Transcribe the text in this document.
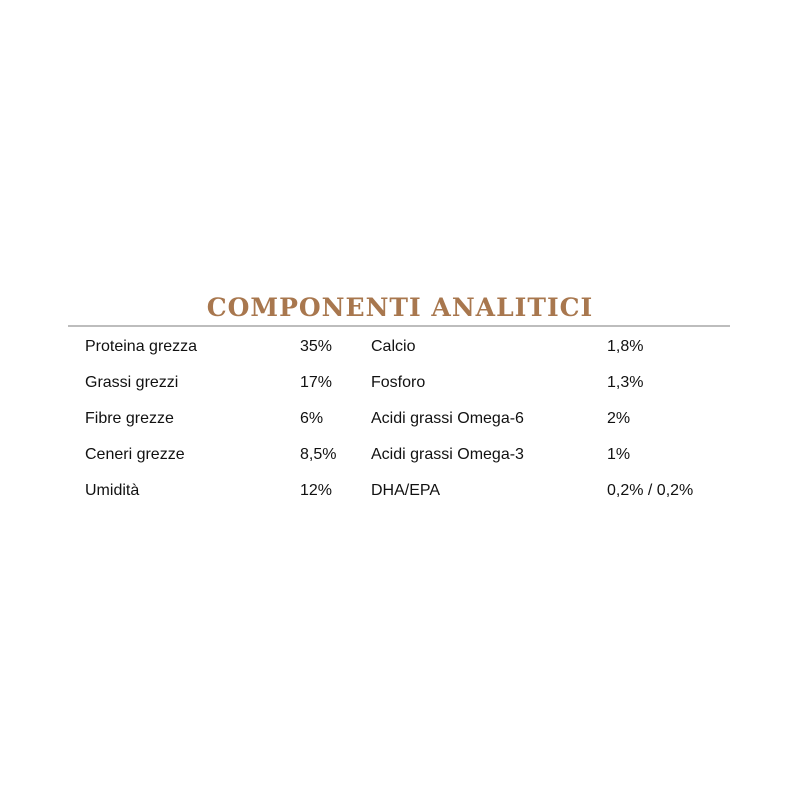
COMPONENTI ANALITICI
Proteina grezza	35% Calcio	1,8%
Grassi grezzi	17% Fosforo	1,3%
Fibre grezze	6%	Acidi grassi Omega-6	2%
Ceneri grezze	8,5% Acidi grassi Omega-3	1%
Umidità	12% DHA/EPA	0,2% / 0,2%
